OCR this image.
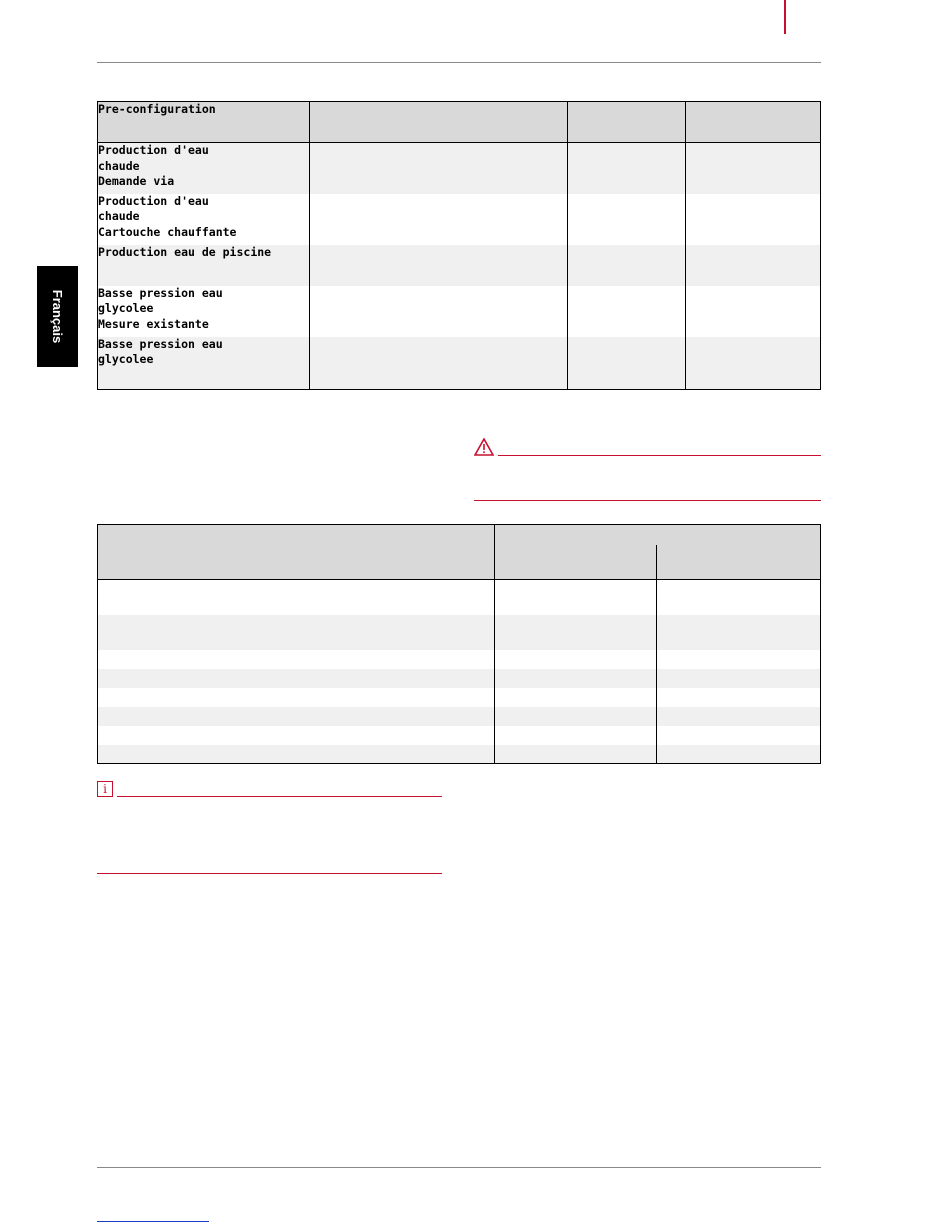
Français
Pre-configuration			

Production d'eau
chaude
Demande via			

Production d'eau
chaude
Cartouche chauffante			

Production eau de piscine			

Basse pression eau
glycolee
Mesure existante			

Basse pression eau
glycolee			

i
